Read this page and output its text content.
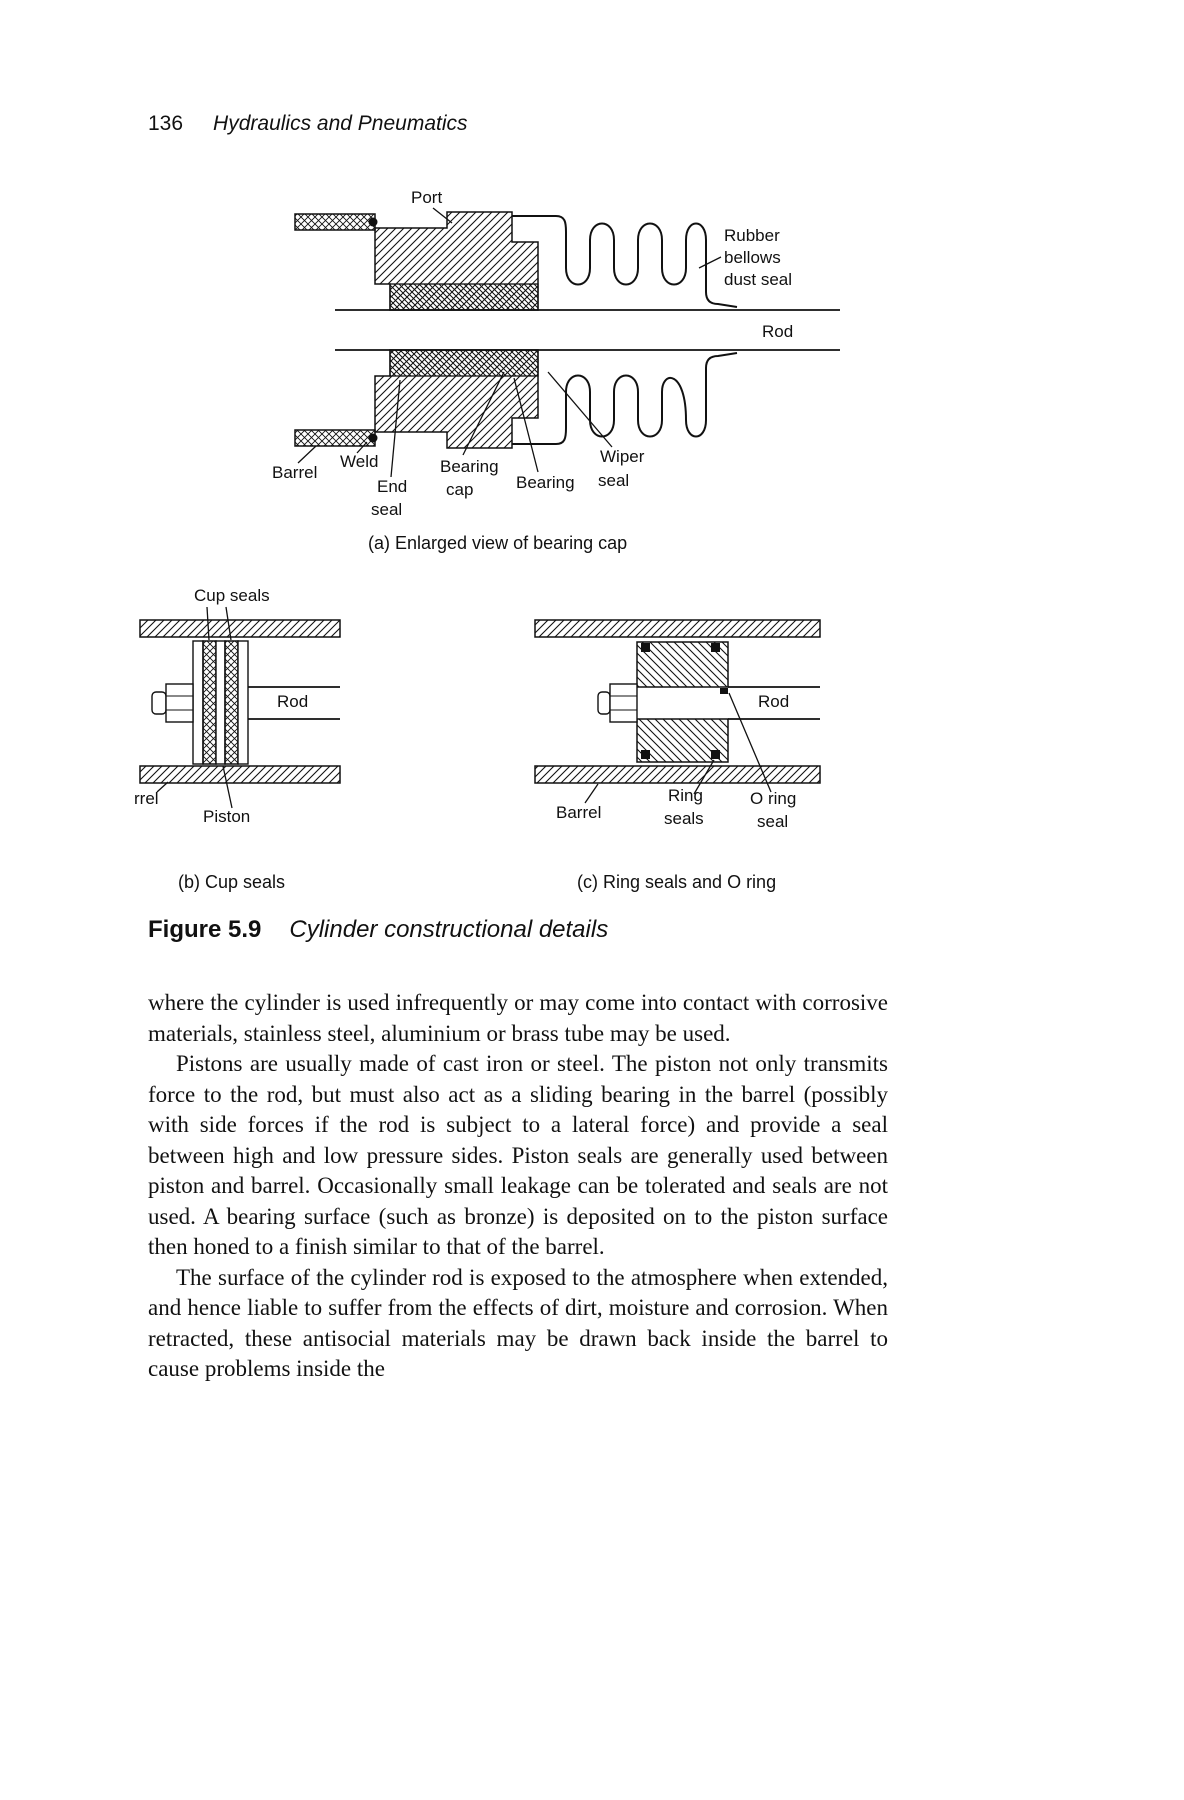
136 Hydraulics and Pneumatics
Port
Rubber
bellows
dust seal
Rod
Barrel
Weld
End
seal
Bearing
cap	Bearing
Wiper
seal
(a) Enlarged view of bearing cap
Cup seals
Rod
rrel
Piston
(b) Cup seals
Rod
Barrel
Ring
seals
O ring
seal
(c) Ring seals and O ring
Figure 5.9 Cylinder constructional details

where the cylinder is used infrequently or may come into contact with corrosive materials, stainless steel, aluminium or brass tube may be used.

Pistons are usually made of cast iron or steel. The piston not only transmits force to the rod, but must also act as a sliding bearing in the barrel (possibly with side forces if the rod is subject to a lateral force) and provide a seal between high and low pressure sides. Piston seals are generally used between piston and barrel. Occasionally small leakage can be tolerated and seals are not used. A bearing surface (such as bronze) is deposited on to the piston surface then honed to a finish similar to that of the barrel.

The surface of the cylinder rod is exposed to the atmosphere when extended, and hence liable to suffer from the effects of dirt, moisture and corrosion. When retracted, these antisocial materials may be drawn back inside the barrel to cause problems inside the
